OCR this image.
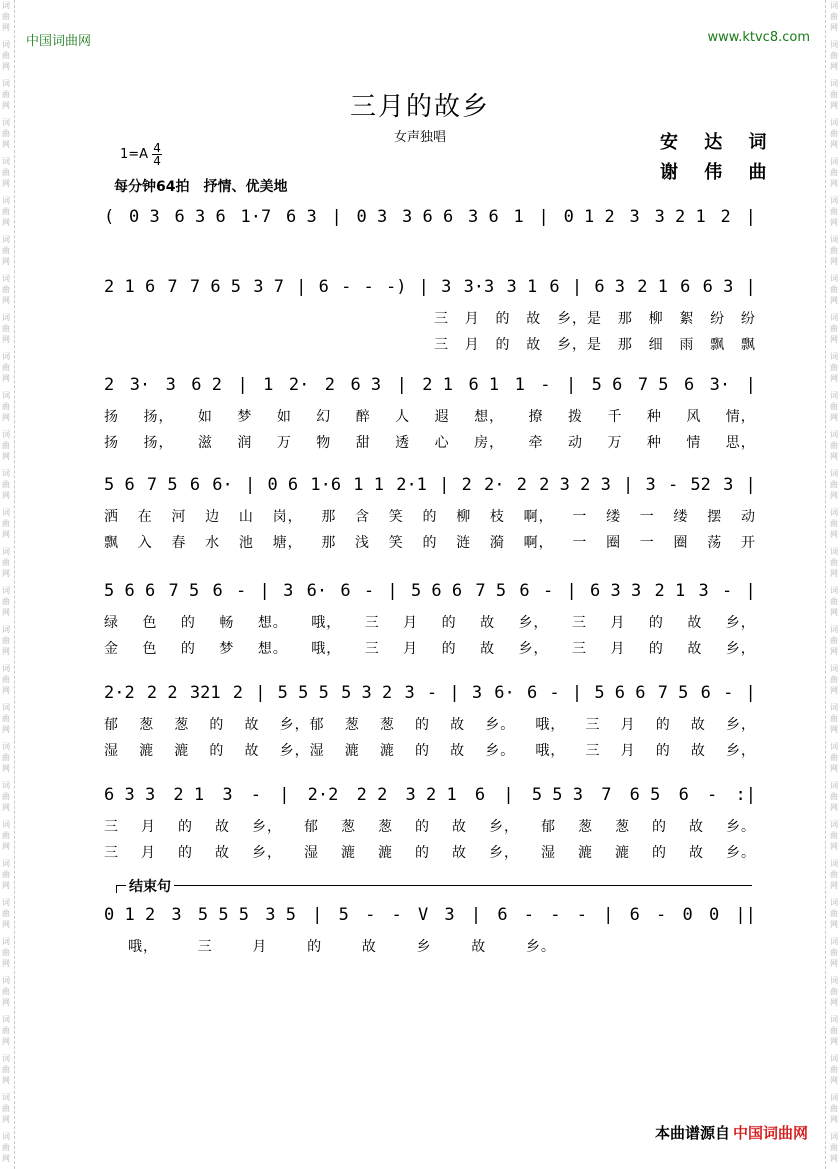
词
曲
网
词
曲
网
词
曲
网
词
曲
网
词
曲
网
词
曲
网
词
曲
网
词
曲
网
词
曲
网
词
曲
网
词
曲
网
词
曲
网
词
曲
网
词
曲
网
词
曲
网
词
曲
网
词
曲
网
词
曲
网
词
曲
网
词
曲
网
词
曲
网
词
曲
网
词
曲
网
词
曲
网
词
曲
网
词
曲
网
词
曲
网
词
曲
网
词
曲
网
词
曲
网
词
曲
网
词
曲
网
词
曲
网
词
曲
网
词
曲
网
词
曲
网
词
曲
网
词
曲
网
词
曲
网
词
曲
网
词
曲
网
词
曲
网
词
曲
网
词
曲
网
词
曲
网
词
曲
网
词
曲
网
词
曲
网
词
曲
网
词
曲
网
词
曲
网
词
曲
网
词
曲
网
词
曲
网
词
曲
网
词
曲
网
词
曲
网
词
曲
网
词
曲
网
词
曲
网
中国词曲网	www.ktvc8.com
三月的故乡
女声独唱	安 达 词
谢 伟 曲
$1=A \frac{4}{4}$
每分钟64拍　抒情、优美地
( 0 3 6 3 6 1·7 6 3 | 0 3 3 6 6 3 6 1 | 0 1 2 3 3 2 1 2 |
2 1 6 7 7 6 5 3 7 | 6 - - -) | 3 3·3 3 1 6 | 6 3 2 1 6 6 3 |
三 月 的 故 乡，是 那 柳 絮 纷 纷
三 月 的 故 乡，是 那 细 雨 飘 飘
2 3· 3 6 2 | 1 2· 2 6 3 | 2 1 6 1 1 - | 5 6 7 5 6 3· |
扬 扬， 如 梦 如 幻 醉 人 遐 想， 撩 拨 千 种 风 情，
扬 扬， 滋 润 万 物 甜 透 心 房， 牵 动 万 种 情 思，
5 6 7 5 6 6· | 0 6 1·6 1 1 2·1 | 2 2· 2 2 3 2 3 | 3 - 52 3 |
洒 在 河 边 山 岗， 那 含 笑 的 柳 枝 啊， 一 缕 一 缕 摆 动
飘 入 春 水 池 塘， 那 浅 笑 的 涟 漪 啊， 一 圈 一 圈 荡 开
5 6 6 7 5 6 - | 3 6· 6 - | 5 6 6 7 5 6 - | 6 3 3 2 1 3 - |
绿 色 的 畅 想。 哦， 三 月 的 故 乡， 三 月 的 故 乡，
金 色 的 梦 想。 哦， 三 月 的 故 乡， 三 月 的 故 乡，
2·2 2 2 321 2 | 5 5 5 5 3 2 3 - | 3 6· 6 - | 5 6 6 7 5 6 - |
郁 葱 葱 的 故 乡，郁 葱 葱 的 故 乡。 哦， 三 月 的 故 乡，
湿 漉 漉 的 故 乡，湿 漉 漉 的 故 乡。 哦， 三 月 的 故 乡，
6 3 3 2 1 3 - | 2·2 2 2 3 2 1 6 | 5 5 3 7 6 5 6 - :|
三 月 的 故 乡， 郁 葱 葱 的 故 乡， 郁 葱 葱 的 故 乡。
三 月 的 故 乡， 湿 漉 漉 的 故 乡， 湿 漉 漉 的 故 乡。
0 1 2 3 5 5 5 3 5 | 5 - - V 3 | 6 - - - | 6 - 0 0 ||
哦，	三	月	的	故	乡	故	乡。
结束句
本曲谱源自 中国词曲网
